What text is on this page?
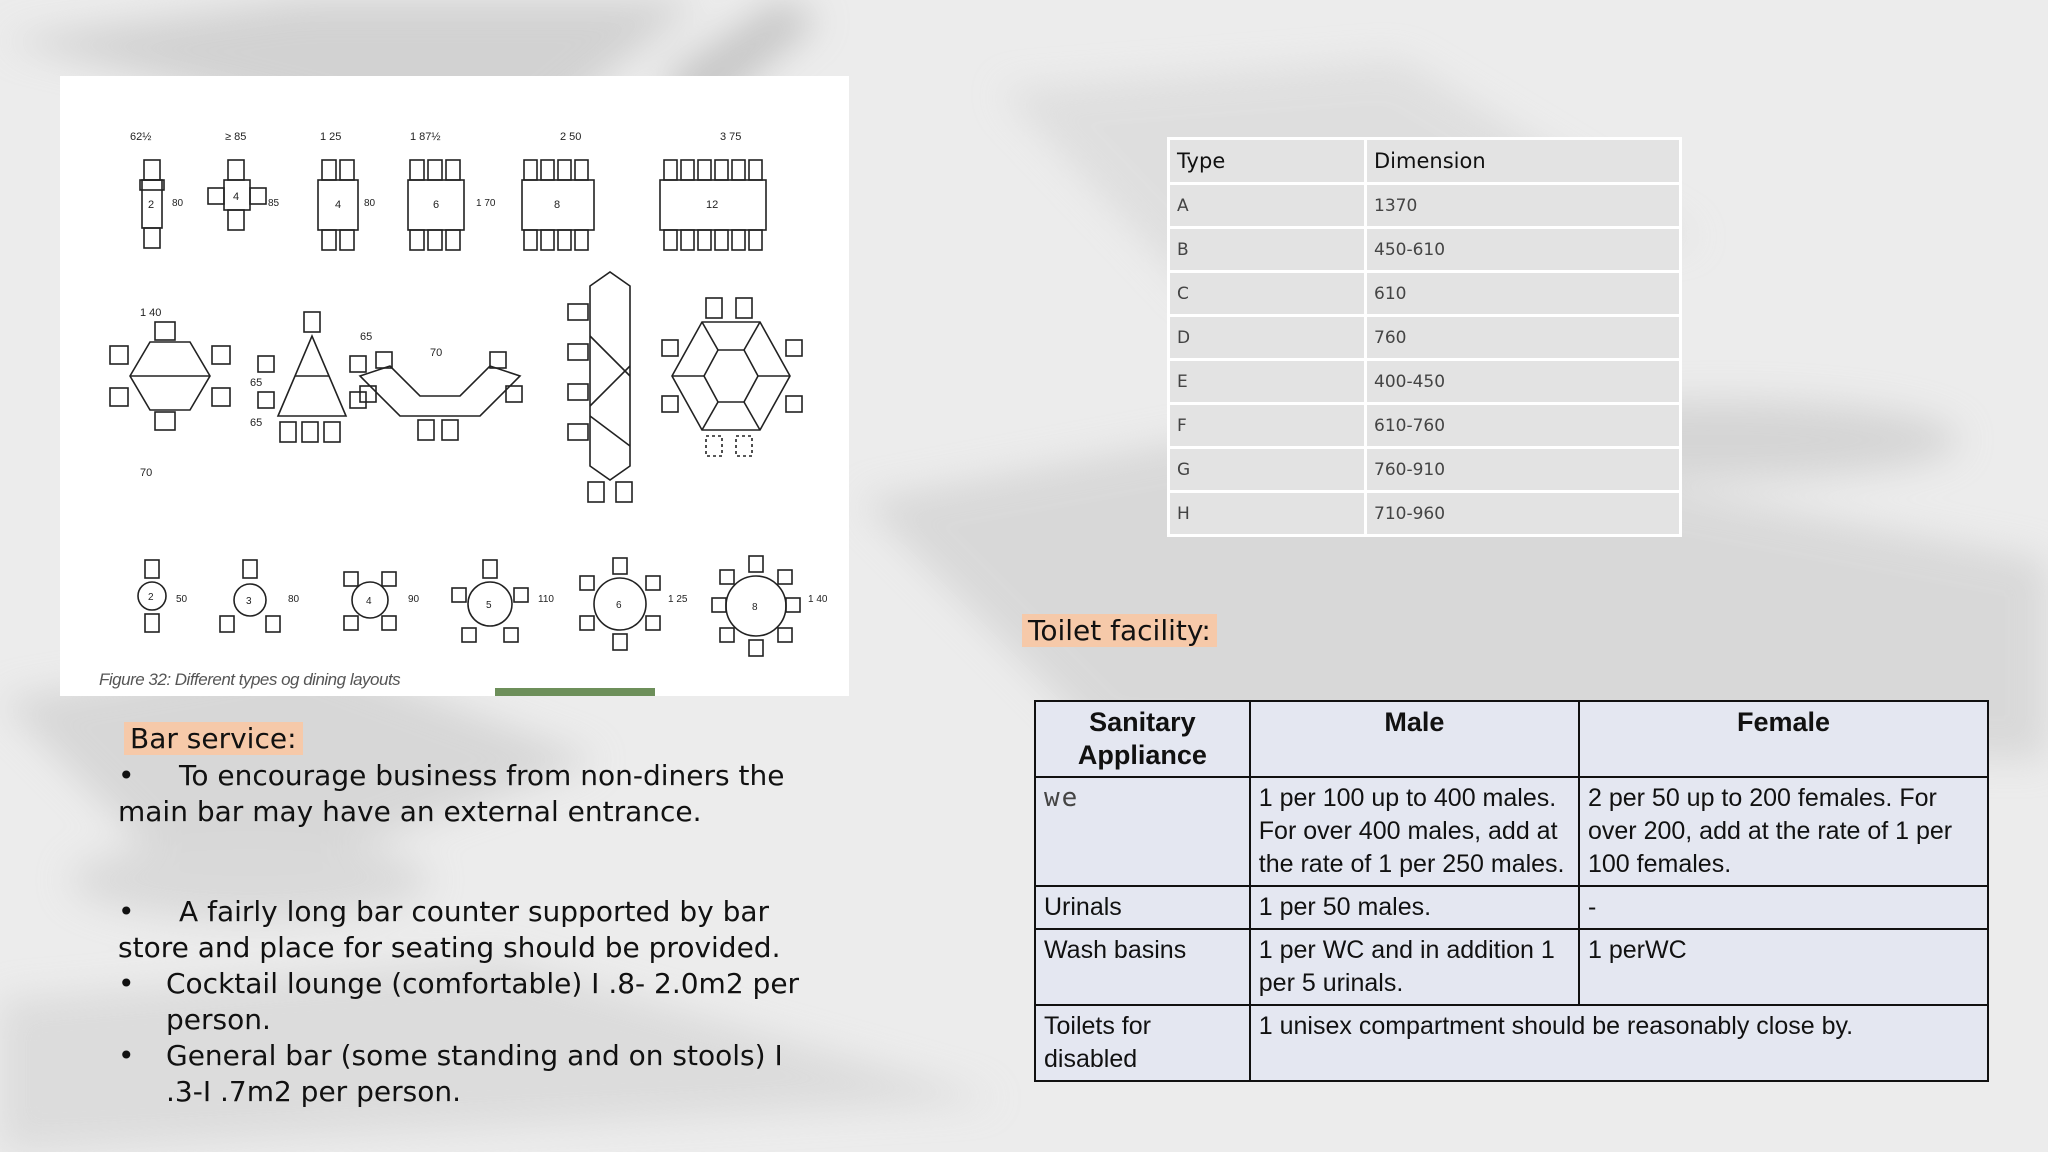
2
62½
4
≥ 85
4
1 25
6
1 87½
8
2 50
12
3 75
80	85	80	1 70
1 40
70
65
65
65
70
2 50	3	80	4	90
5
110
6
1 25
8
1 40
Figure 32: Different types og dining layouts
Bar service:

• To encourage business from non-diners the main bar may have an external entrance.

• A fairly long bar counter supported by bar store and place for seating should be provided.

•	Cocktail lounge (comfortable) I .8- 2.0m2 per person.
•	General bar (some standing and on stools) I .3-I .7m2 per person.
Type	Dimension
A	1370
B	450-610
C	610
D	760
E	400-450
F	610-760
G	760-910
H	710-960
Toilet facility:
Sanitary Appliance	Male	Female
we	1 per 100 up to 400 males. For over 400 males, add at the rate of 1 per 250 males.	2 per 50 up to 200 females. For over 200, add at the rate of 1 per 100 females.
Urinals	1 per 50 males.	-
Wash basins	1 per WC and in addition 1 per 5 urinals.	1 perWC
Toilets for disabled	1 unisex compartment should be reasonably close by.	
